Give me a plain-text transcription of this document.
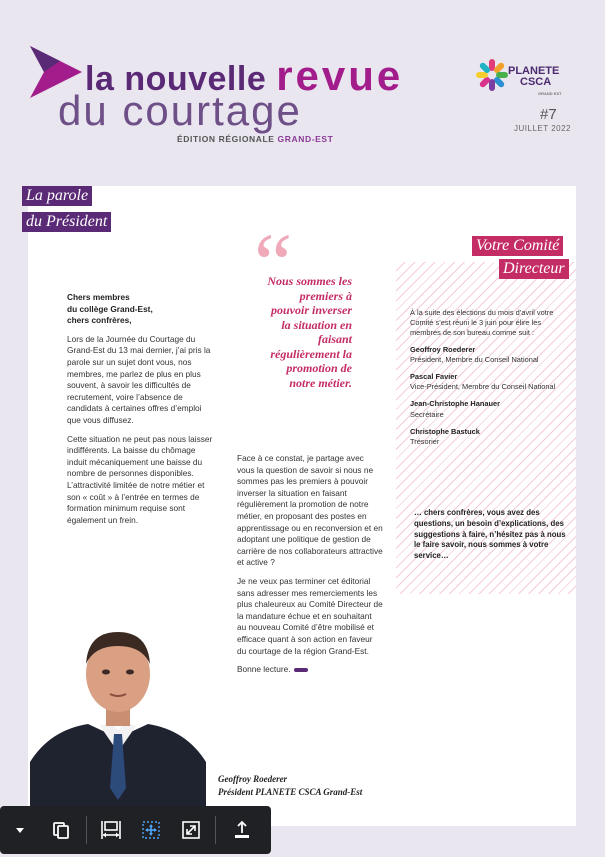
la nouvelle revue
du courtage
ÉDITION RÉGIONALE GRAND-EST
PLANETE
CSCA
GRAND EST
#7
JUILLET 2022
La parole
du Président

Chers membres
du collège Grand-Est,
chers confrères,

Lors de la Journée du Courtage du Grand-Est du 13 mai dernier, j’ai pris la parole sur un sujet dont vous, nos membres, me parlez de plus en plus souvent, à savoir les difficultés de recrutement, voire l’absence de candidats à certaines offres d’emploi que vous diffusez.

Cette situation ne peut pas nous laisser indifférents. La baisse du chômage induit mécaniquement une baisse du nombre de personnes disponibles. L’attractivité limitée de notre métier et son « coût » à l’entrée en termes de formation minimum requise sont également un frein.

“
Nous sommes les premiers à pouvoir inverser la situation en faisant régulièrement la promotion de notre métier.

Face à ce constat, je partage avec vous la question de savoir si nous ne sommes pas les premiers à pouvoir inverser la situation en faisant régulièrement la promotion de notre métier, en proposant des postes en apprentissage ou en reconversion et en adoptant une politique de gestion de carrière de nos collaborateurs attractive et active ?

Je ne veux pas terminer cet éditorial sans adresser mes remerciements les plus chaleureux au Comité Directeur de la mandature échue et en souhaitant au nouveau Comité d’être mobilisé et efficace quant à son action en faveur du courtage de la région Grand-Est.

Bonne lecture.

Votre Comité
Directeur

À la suite des élections du mois d’avril votre Comité s’est réuni le 3 juin pour élire les membres de son bureau comme suit :

Geoffroy Roederer
Président, Membre du Conseil National
Pascal Favier
Vice-Président, Membre du Conseil National
Jean-Christophe Hanauer
Secrétaire
Christophe Bastuck
Trésorier
… chers confrères, vous avez des questions, un besoin d’explications, des suggestions à faire, n’hésitez pas à nous le faire savoir, nous sommes à votre service…
Geoffroy Roederer
Président PLANETE CSCA Grand-Est
